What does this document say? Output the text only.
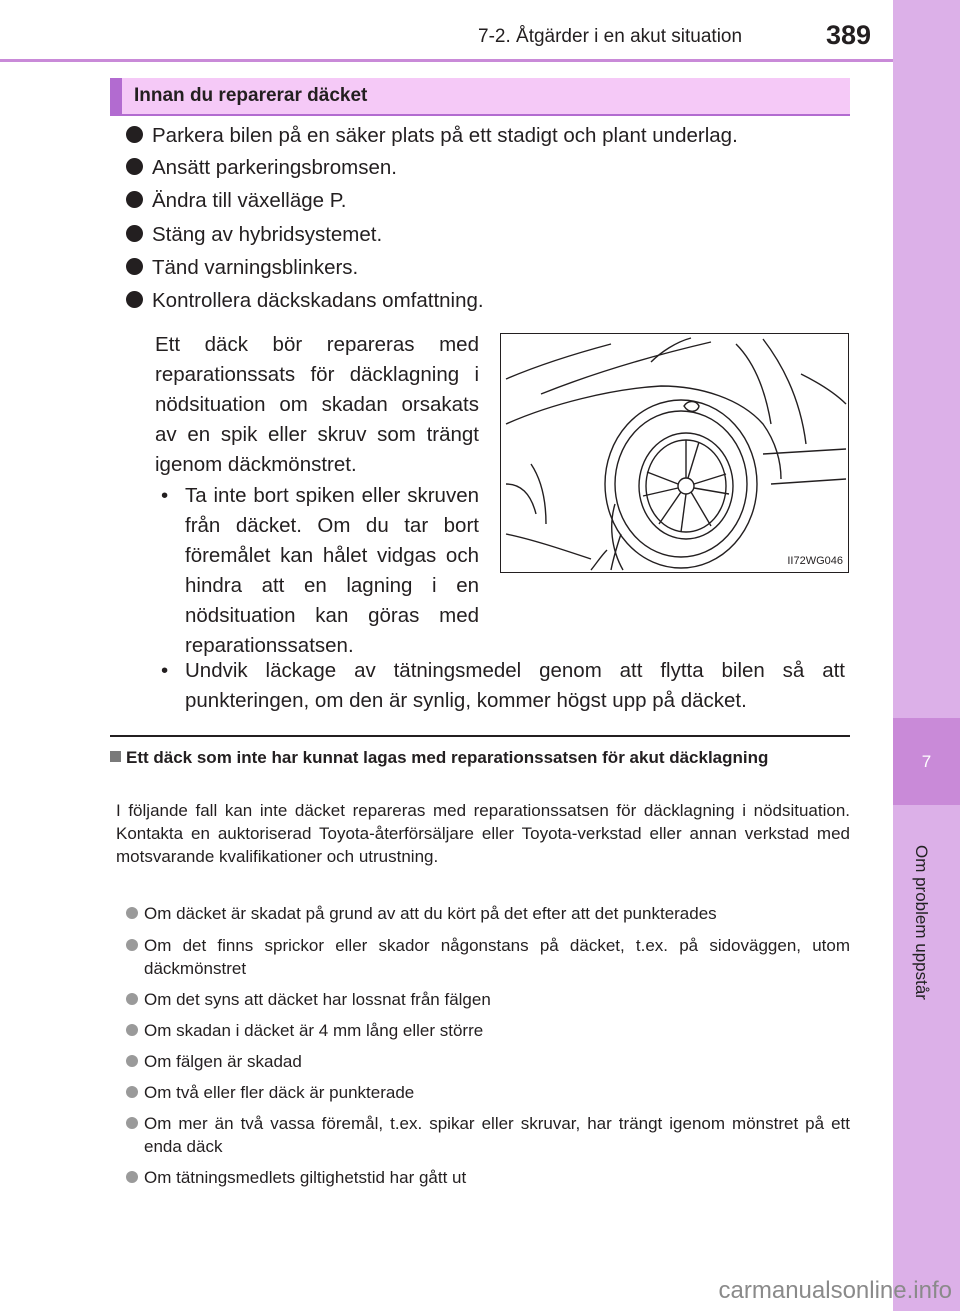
7-2. Åtgärder i en akut situation	389
7
Om problem uppstår
Innan du reparerar däcket
Parkera bilen på en säker plats på ett stadigt och plant underlag.
Ansätt parkeringsbromsen.
Ändra till växelläge P.
Stäng av hybridsystemet.
Tänd varningsblinkers.
Kontrollera däckskadans omfattning.
Ett däck bör repareras med reparationssats för däcklagning i nödsituation om skadan orsakats av en spik eller skruv som trängt igenom däckmönstret.
• Ta inte bort spiken eller skruven från däcket. Om du tar bort föremålet kan hålet vidgas och hindra att en lagning i en nödsituation kan göras med reparationssatsen.
• Undvik läckage av tätningsmedel genom att flytta bilen så att punkteringen, om den är synlig, kommer högst upp på däcket.
II72WG046
Ett däck som inte har kunnat lagas med reparationssatsen för akut däcklagning
I följande fall kan inte däcket repareras med reparationssatsen för däcklagning i nödsituation. Kontakta en auktoriserad Toyota-återförsäljare eller Toyota-verkstad eller annan verkstad med motsvarande kvalifikationer och utrustning.
Om däcket är skadat på grund av att du kört på det efter att det punkterades
Om det finns sprickor eller skador någonstans på däcket, t.ex. på sidoväggen, utom däckmönstret
Om det syns att däcket har lossnat från fälgen
Om skadan i däcket är 4 mm lång eller större
Om fälgen är skadad
Om två eller fler däck är punkterade
Om mer än två vassa föremål, t.ex. spikar eller skruvar, har trängt igenom mönstret på ett enda däck
Om tätningsmedlets giltighetstid har gått ut
carmanualsonline.info
